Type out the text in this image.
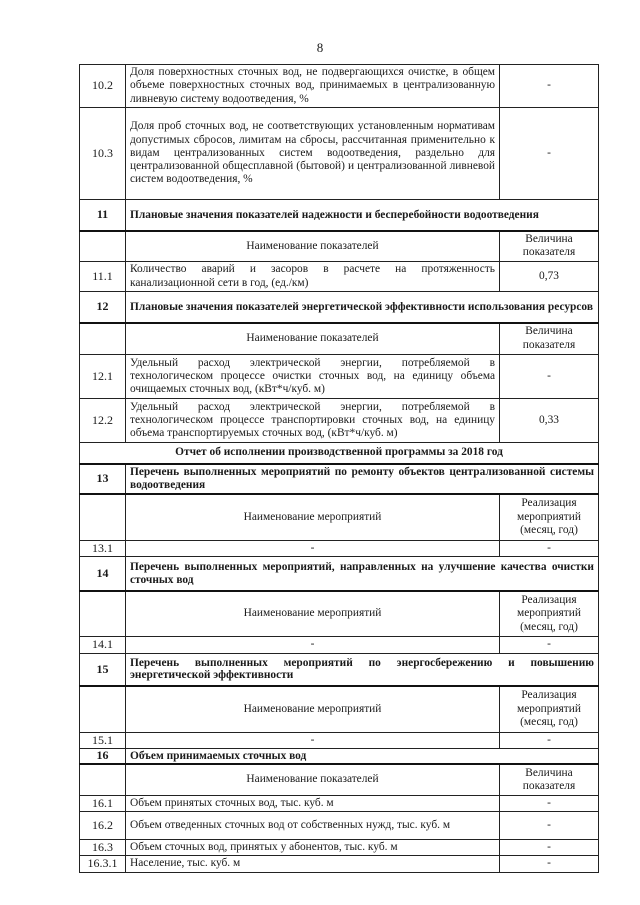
8
10.2	Доля поверхностных сточных вод, не подвергающихся очистке, в общем объеме поверхностных сточных вод, принимаемых в централизованную ливневую систему водоотведения, %	-
10.3	Доля проб сточных вод, не соответствующих установленным нормативам допустимых сбросов, лимитам на сбросы, рассчитанная применительно к видам централизованных систем водоотведения, раздельно для централизованной общесплавной (бытовой) и централизованной ливневой систем водоотведения, %	-
11	Плановые значения показателей надежности и бесперебойности водоотведения	
	Наименование показателей	Величина показателя
11.1	Количество аварий и засоров в расчете на протяженность канализационной сети в год, (ед./км)	0,73
12	Плановые значения показателей энергетической эффективности использования ресурсов	
	Наименование показателей	Величина показателя
12.1	Удельный расход электрической энергии, потребляемой в технологическом процессе очистки сточных вод, на единицу объема очищаемых сточных вод, (кВт*ч/куб. м)	-
12.2	Удельный расход электрической энергии, потребляемой в технологическом процессе транспортировки сточных вод, на единицу объема транспортируемых сточных вод, (кВт*ч/куб. м)	0,33
Отчет об исполнении производственной программы за 2018 год		
13	Перечень выполненных мероприятий по ремонту объектов централизованной системы водоотведения	
	Наименование мероприятий	Реализация мероприятий (месяц, год)
13.1	-	-
14	Перечень выполненных мероприятий, направленных на улучшение качества очистки сточных вод	
	Наименование мероприятий	Реализация мероприятий (месяц, год)
14.1	-	-
15	Перечень выполненных мероприятий по энергосбережению и повышению энергетической эффективности	
	Наименование мероприятий	Реализация мероприятий (месяц, год)
15.1	-	-
16	Объем принимаемых сточных вод	
	Наименование показателей	Величина показателя
16.1	Объем принятых сточных вод, тыс. куб. м	-
16.2	Объем отведенных сточных вод от собственных нужд, тыс. куб. м	-
16.3	Объем сточных вод, принятых у абонентов, тыс. куб. м	-
16.3.1	Население, тыс. куб. м	-
